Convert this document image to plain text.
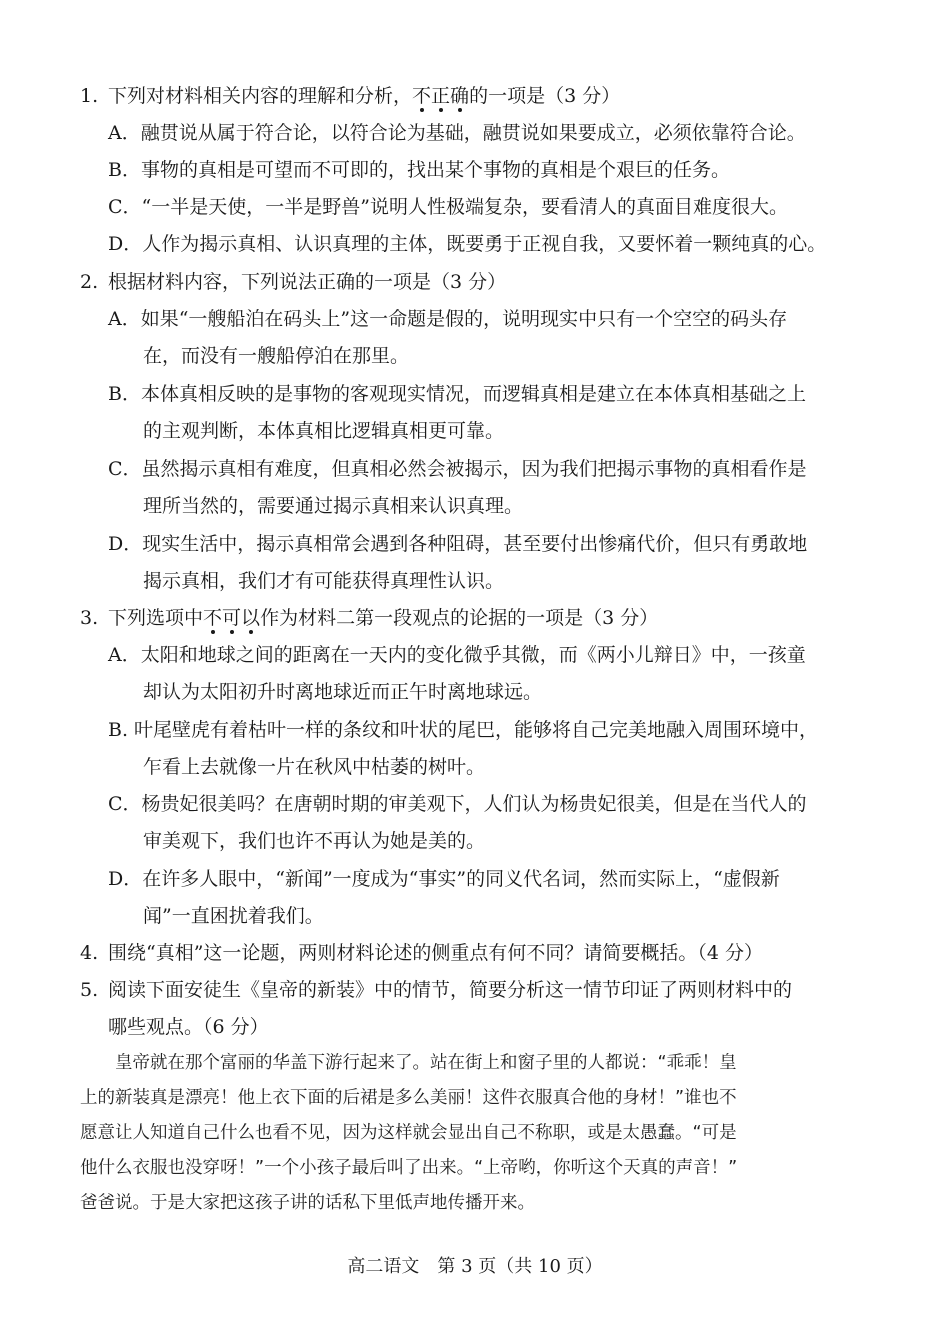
1. 下列对材料相关内容的理解和分析，不正确的一项是（3 分）

A．融贯说从属于符合论，以符合论为基础，融贯说如果要成立，必须依靠符合论。
B．事物的真相是可望而不可即的，找出某个事物的真相是个艰巨的任务。
C．“一半是天使，一半是野兽”说明人性极端复杂，要看清人的真面目难度很大。
D．人作为揭示真相、认识真理的主体，既要勇于正视自我，又要怀着一颗纯真的心。

2. 根据材料内容，下列说法正确的一项是（3 分）

A．如果“一艘船泊在码头上”这一命题是假的，说明现实中只有一个空空的码头存
在，而没有一艘船停泊在那里。
B．本体真相反映的是事物的客观现实情况，而逻辑真相是建立在本体真相基础之上
的主观判断，本体真相比逻辑真相更可靠。
C．虽然揭示真相有难度，但真相必然会被揭示，因为我们把揭示事物的真相看作是
理所当然的，需要通过揭示真相来认识真理。
D．现实生活中，揭示真相常会遇到各种阻碍，甚至要付出惨痛代价，但只有勇敢地
揭示真相，我们才有可能获得真理性认识。

3. 下列选项中不可以作为材料二第一段观点的论据的一项是（3 分）

A．太阳和地球之间的距离在一天内的变化微乎其微，而《两小儿辩日》中，一孩童
却认为太阳初升时离地球近而正午时离地球远。
B. 叶尾壁虎有着枯叶一样的条纹和叶状的尾巴，能够将自己完美地融入周围环境中，
乍看上去就像一片在秋风中枯萎的树叶。
C．杨贵妃很美吗？在唐朝时期的审美观下，人们认为杨贵妃很美，但是在当代人的
审美观下，我们也许不再认为她是美的。
D．在许多人眼中，“新闻”一度成为“事实”的同义代名词，然而实际上，“虚假新
闻”一直困扰着我们。

4. 围绕“真相”这一论题，两则材料论述的侧重点有何不同？请简要概括。（4 分）

5. 阅读下面安徒生《皇帝的新装》中的情节，简要分析这一情节印证了两则材料中的
哪些观点。（6 分）
皇帝就在那个富丽的华盖下游行起来了。站在街上和窗子里的人都说：“乖乖！皇
上的新装真是漂亮！他上衣下面的后裙是多么美丽！这件衣服真合他的身材！”谁也不
愿意让人知道自己什么也看不见，因为这样就会显出自己不称职，或是太愚蠢。“可是
他什么衣服也没穿呀！”一个小孩子最后叫了出来。“上帝哟，你听这个天真的声音！”
爸爸说。于是大家把这孩子讲的话私下里低声地传播开来。
高二语文　第 3 页（共 10 页）
